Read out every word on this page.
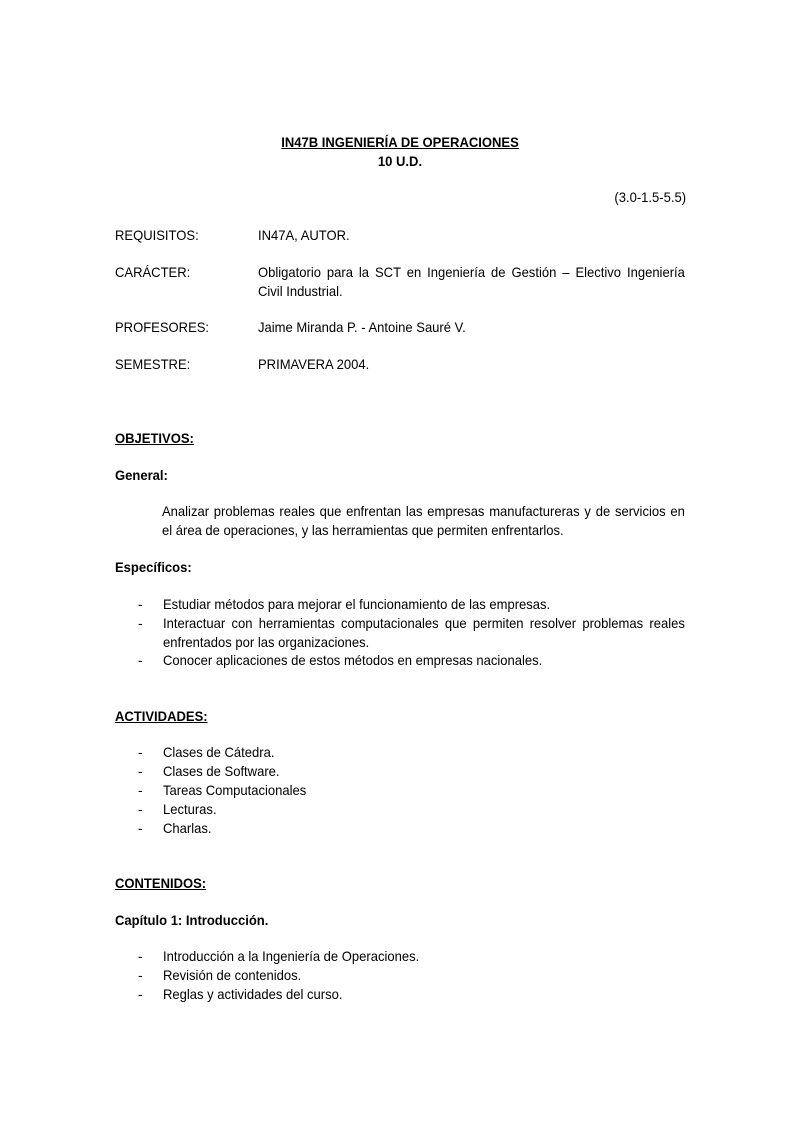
IN47B INGENIERÍA DE OPERACIONES
10 U.D.
(3.0-1.5-5.5)
REQUISITOS:	IN47A, AUTOR.
CARÁCTER:	Obligatorio para la SCT en Ingeniería de Gestión – Electivo Ingeniería Civil Industrial.
PROFESORES:	Jaime Miranda P. - Antoine Sauré V.
SEMESTRE:	PRIMAVERA 2004.
OBJETIVOS:
General:
Analizar problemas reales que enfrentan las empresas manufactureras y de servicios en el área de operaciones, y las herramientas que permiten enfrentarlos.
Específicos:
- Estudiar métodos para mejorar el funcionamiento de las empresas.
- Interactuar con herramientas computacionales que permiten resolver problemas reales enfrentados por las organizaciones.
- Conocer aplicaciones de estos métodos en empresas nacionales.
ACTIVIDADES:
- Clases de Cátedra.
- Clases de Software.
- Tareas Computacionales
- Lecturas.
- Charlas.
CONTENIDOS:
Capítulo 1: Introducción.
- Introducción a la Ingeniería de Operaciones.
- Revisión de contenidos.
- Reglas y actividades del curso.
